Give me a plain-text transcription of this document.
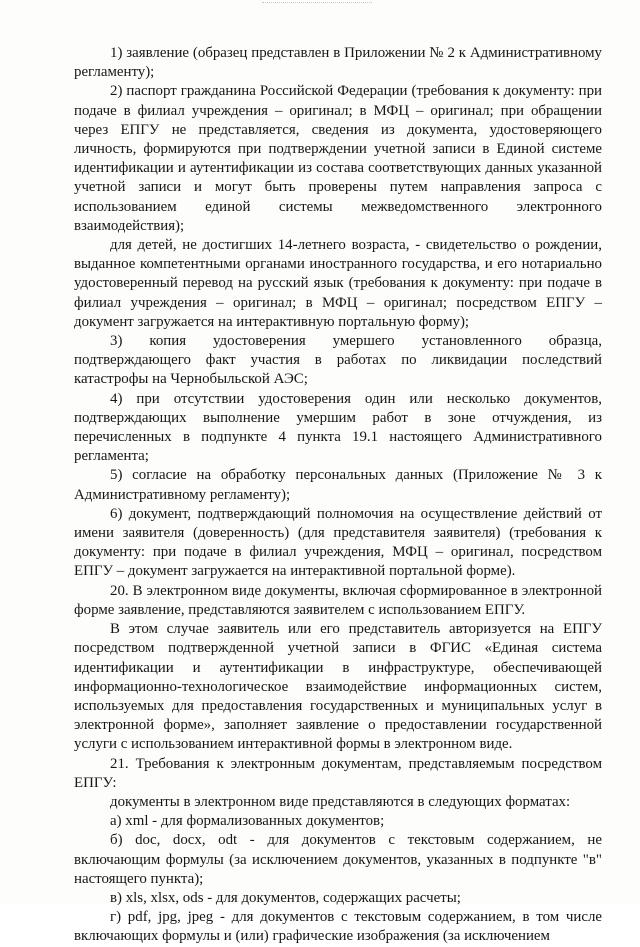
1) заявление (образец представлен в Приложении № 2 к Административному регламенту);

2) паспорт гражданина Российской Федерации (требования к документу: при подаче в филиал учреждения – оригинал; в МФЦ – оригинал; при обращении через ЕПГУ не представляется, сведения из документа, удостоверяющего личность, формируются при подтверждении учетной записи в Единой системе идентификации и аутентификации из состава соответствующих данных указанной учетной записи и могут быть проверены путем направления запроса с использованием единой системы межведомственного электронного взаимодействия);

для детей, не достигших 14-летнего возраста, - свидетельство о рождении, выданное компетентными органами иностранного государства, и его нотариально удостоверенный перевод на русский язык (требования к документу: при подаче в филиал учреждения – оригинал; в МФЦ – оригинал; посредством ЕПГУ – документ загружается на интерактивную портальную форму);

3) копия удостоверения умершего установленного образца, подтверждающего факт участия в работах по ликвидации последствий катастрофы на Чернобыльской АЭС;

4) при отсутствии удостоверения один или несколько документов, подтверждающих выполнение умершим работ в зоне отчуждения, из перечисленных в подпункте 4 пункта 19.1 настоящего Административного регламента;

5) согласие на обработку персональных данных (Приложение № 3 к Административному регламенту);

6) документ, подтверждающий полномочия на осуществление действий от имени заявителя (доверенность) (для представителя заявителя) (требования к документу: при подаче в филиал учреждения, МФЦ – оригинал, посредством ЕПГУ – документ загружается на интерактивной портальной форме).

20. В электронном виде документы, включая сформированное в электронной форме заявление, представляются заявителем с использованием ЕПГУ.

В этом случае заявитель или его представитель авторизуется на ЕПГУ посредством подтвержденной учетной записи в ФГИС «Единая система идентификации и аутентификации в инфраструктуре, обеспечивающей информационно-технологическое взаимодействие информационных систем, используемых для предоставления государственных и муниципальных услуг в электронной форме», заполняет заявление о предоставлении государственной услуги с использованием интерактивной формы в электронном виде.

21. Требования к электронным документам, представляемым посредством ЕПГУ:

документы в электронном виде представляются в следующих форматах:

а) xml - для формализованных документов;

б) doc, docx, odt - для документов с текстовым содержанием, не включающим формулы (за исключением документов, указанных в подпункте "в" настоящего пункта);

в) xls, xlsx, ods - для документов, содержащих расчеты;

г) pdf, jpg, jpeg - для документов с текстовым содержанием, в том числе включающих формулы и (или) графические изображения (за исключением
